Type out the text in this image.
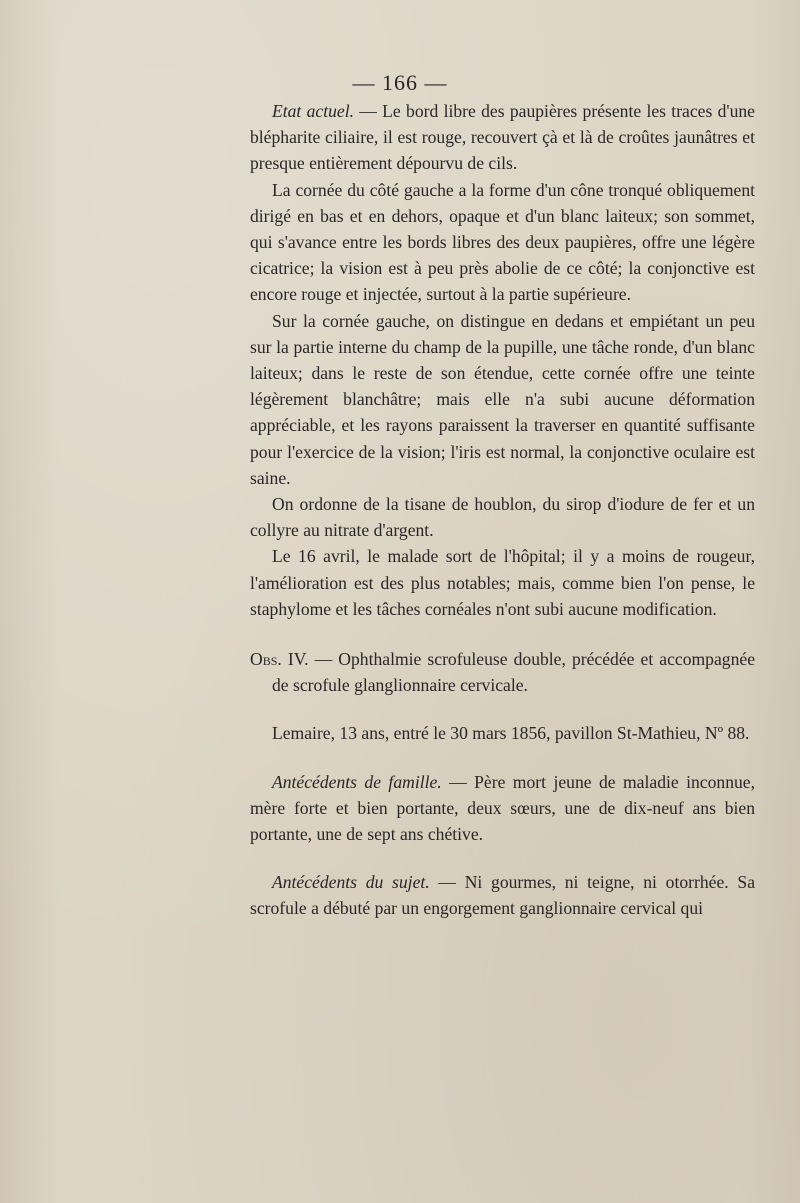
— 166 —

Etat actuel. — Le bord libre des paupières présente les traces d'une blépharite ciliaire, il est rouge, recouvert çà et là de croûtes jaunâtres et presque entièrement dépourvu de cils.

La cornée du côté gauche a la forme d'un cône tronqué obliquement dirigé en bas et en dehors, opaque et d'un blanc laiteux; son sommet, qui s'avance entre les bords libres des deux paupières, offre une légère cicatrice; la vision est à peu près abolie de ce côté; la conjonctive est encore rouge et injectée, surtout à la partie supérieure.

Sur la cornée gauche, on distingue en dedans et empiétant un peu sur la partie interne du champ de la pupille, une tâche ronde, d'un blanc laiteux; dans le reste de son étendue, cette cornée offre une teinte légèrement blanchâtre; mais elle n'a subi aucune déformation appréciable, et les rayons paraissent la traverser en quantité suffisante pour l'exercice de la vision; l'iris est normal, la conjonctive oculaire est saine.

On ordonne de la tisane de houblon, du sirop d'iodure de fer et un collyre au nitrate d'argent.

Le 16 avril, le malade sort de l'hôpital; il y a moins de rougeur, l'amélioration est des plus notables; mais, comme bien l'on pense, le staphylome et les tâches cornéales n'ont subi aucune modification.

Obs. IV. — Ophthalmie scrofuleuse double, précédée et accompagnée de scrofule glanglionnaire cervicale.

Lemaire, 13 ans, entré le 30 mars 1856, pavillon St-Mathieu, Nº 88.

Antécédents de famille. — Père mort jeune de maladie inconnue, mère forte et bien portante, deux sœurs, une de dix-neuf ans bien portante, une de sept ans chétive.

Antécédents du sujet. — Ni gourmes, ni teigne, ni otorrhée. Sa scrofule a débuté par un engorgement ganglionnaire cervical qui
